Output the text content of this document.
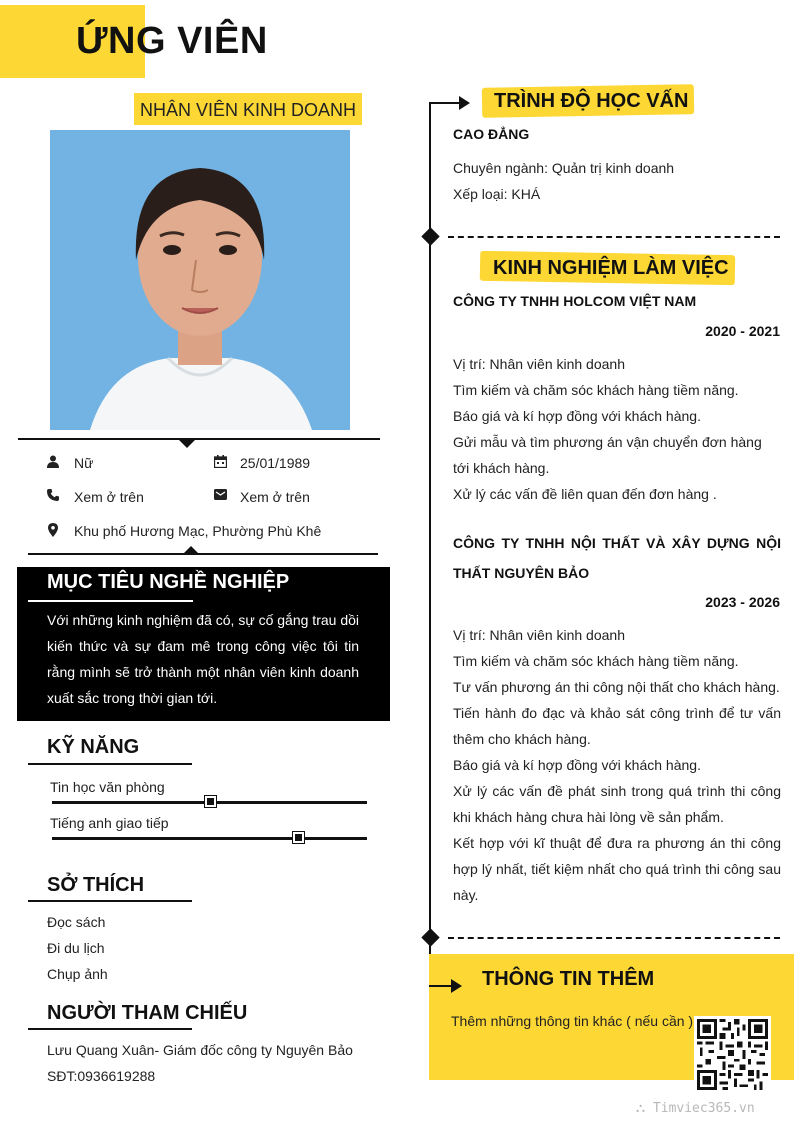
ỨNG VIÊN
NHÂN VIÊN KINH DOANH
Nữ	25/01/1989
Xem ở trên	Xem ở trên
Khu phố Hương Mạc, Phường Phù Khê
MỤC TIÊU NGHỀ NGHIỆP
Với những kinh nghiệm đã có, sự cố gắng trau dồi kiến thức và sự đam mê trong công việc tôi tin rằng mình sẽ trở thành một nhân viên kinh doanh xuất sắc trong thời gian tới.
KỸ NĂNG
Tin học văn phòng
Tiếng anh giao tiếp
SỞ THÍCH
Đọc sách
Đi du lịch
Chụp ảnh
NGƯỜI THAM CHIẾU
Lưu Quang Xuân- Giám đốc công ty Nguyên Bảo
SĐT:0936619288
TRÌNH ĐỘ HỌC VẤN
CAO ĐẲNG
Chuyên ngành: Quản trị kinh doanh
Xếp loại: KHÁ
KINH NGHIỆM LÀM VIỆC
CÔNG TY TNHH HOLCOM VIỆT NAM
2020 - 2021
Vị trí: Nhân viên kinh doanh
Tìm kiếm và chăm sóc khách hàng tiềm năng.
Báo giá và kí hợp đồng với khách hàng.
Gửi mẫu và tìm phương án vận chuyển đơn hàng tới khách hàng.
Xử lý các vấn đề liên quan đến đơn hàng .
CÔNG TY TNHH NỘI THẤT VÀ XÂY DỰNG NỘI THẤT NGUYÊN BẢO
2023 - 2026
Vị trí: Nhân viên kinh doanh
Tìm kiếm và chăm sóc khách hàng tiềm năng.
Tư vấn phương án thi công nội thất cho khách hàng.
Tiến hành đo đạc và khảo sát công trình để tư vấn thêm cho khách hàng.
Báo giá và kí hợp đồng với khách hàng.
Xử lý các vấn đề phát sinh trong quá trình thi công khi khách hàng chưa hài lòng về sản phẩm.
Kết hợp với kĩ thuật để đưa ra phương án thi công hợp lý nhất, tiết kiệm nhất cho quá trình thi công sau này.
THÔNG TIN THÊM
Thêm những thông tin khác ( nếu cần )
⛬ Timviec365.vn
